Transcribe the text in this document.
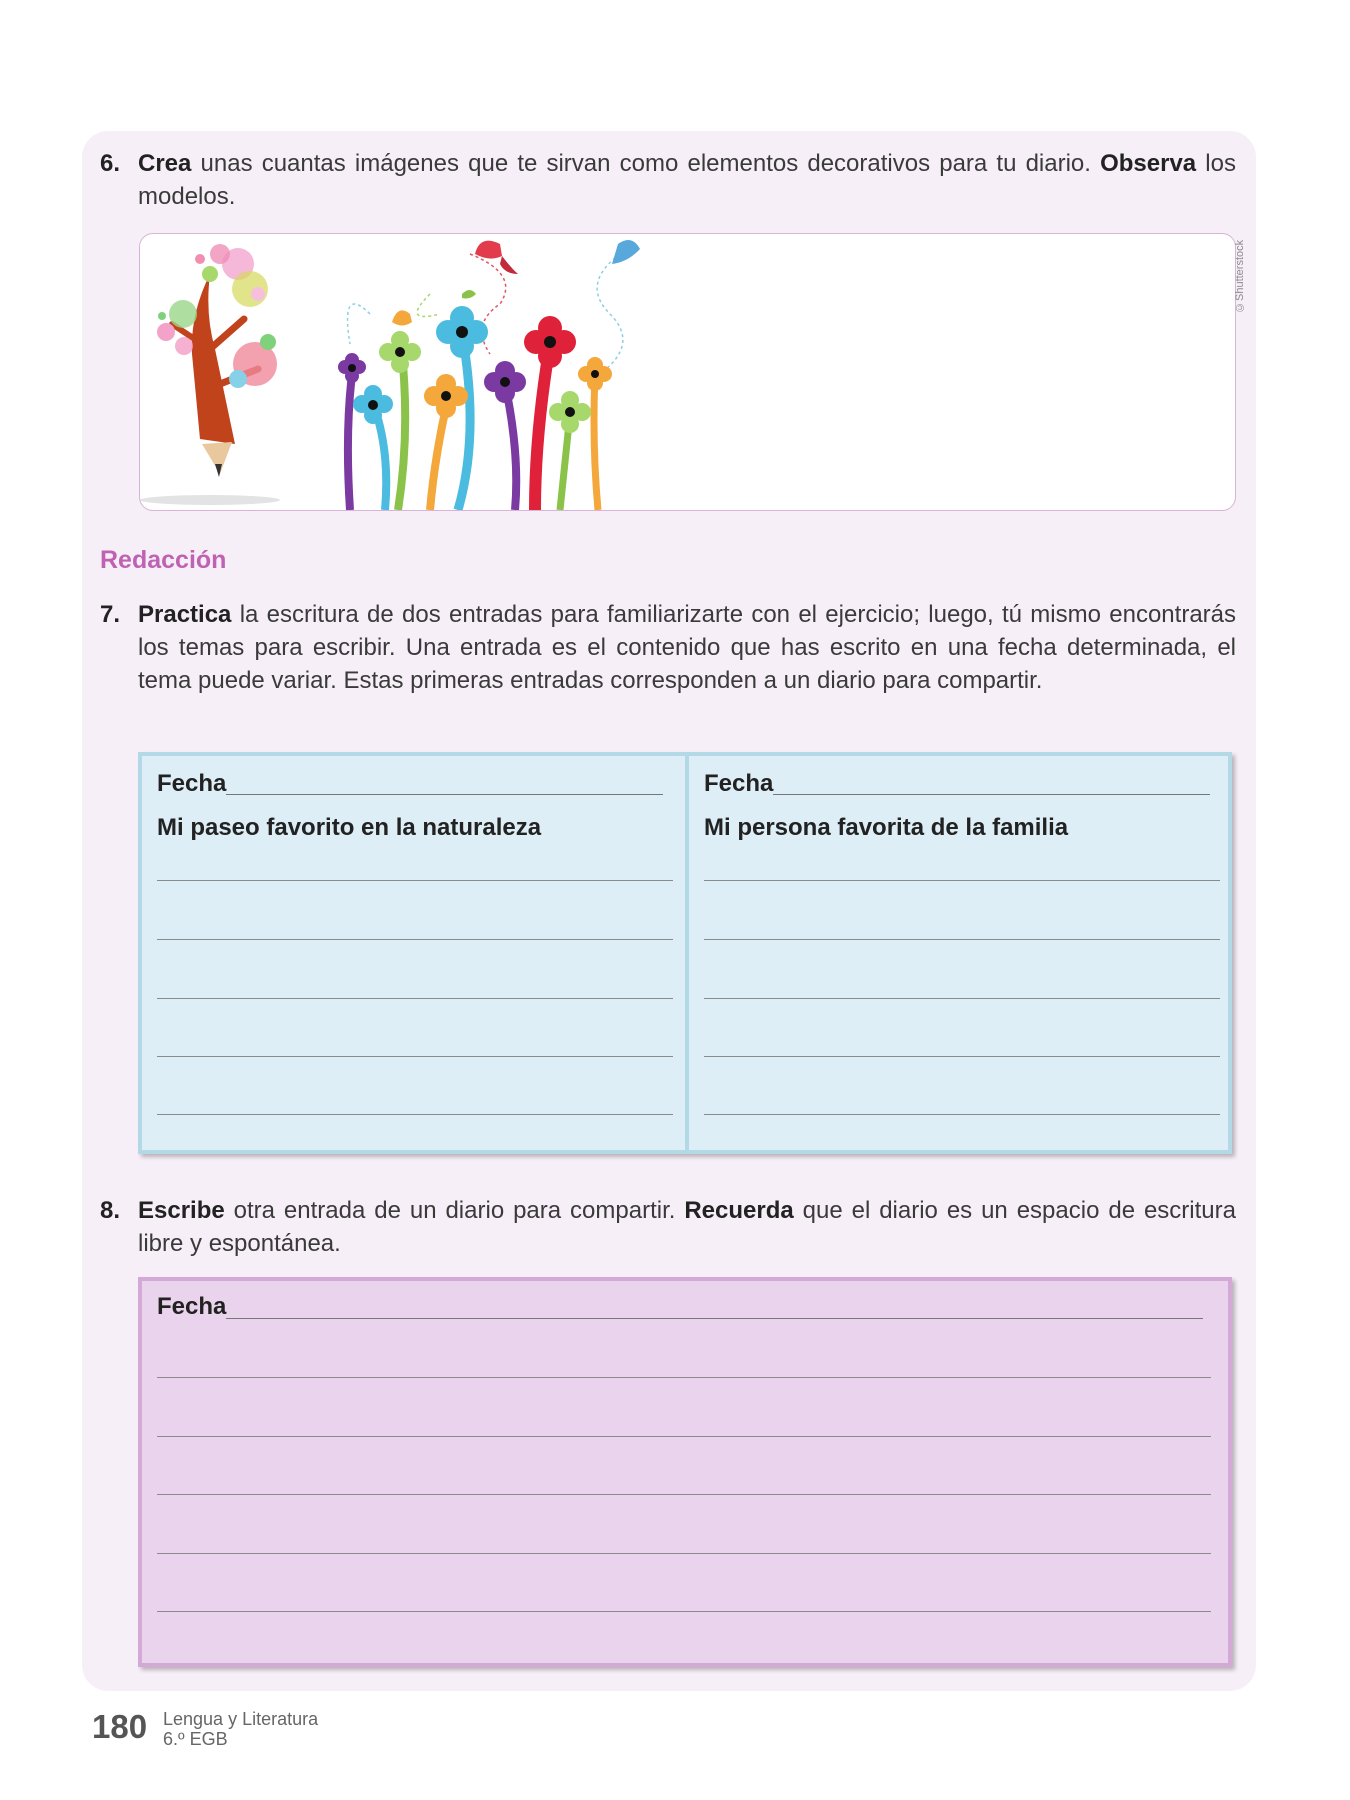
6. Crea unas cuantas imágenes que te sirvan como elementos decorativos para tu diario. Observa los modelos.
©Shutterstock
Redacción
7. Practica la escritura de dos entradas para familiarizarte con el ejercicio; luego, tú mismo encontrarás los temas para escribir. Una entrada es el contenido que has escrito en una fecha determinada, el tema puede variar. Estas primeras entradas corresponden a un diario para compartir.
Fecha
Mi paseo favorito en la naturaleza
Fecha
Mi persona favorita de la familia
8. Escribe otra entrada de un diario para compartir. Recuerda que el diario es un espacio de escritura libre y espontánea.
Fecha
180 Lengua y Literatura
6.º EGB
